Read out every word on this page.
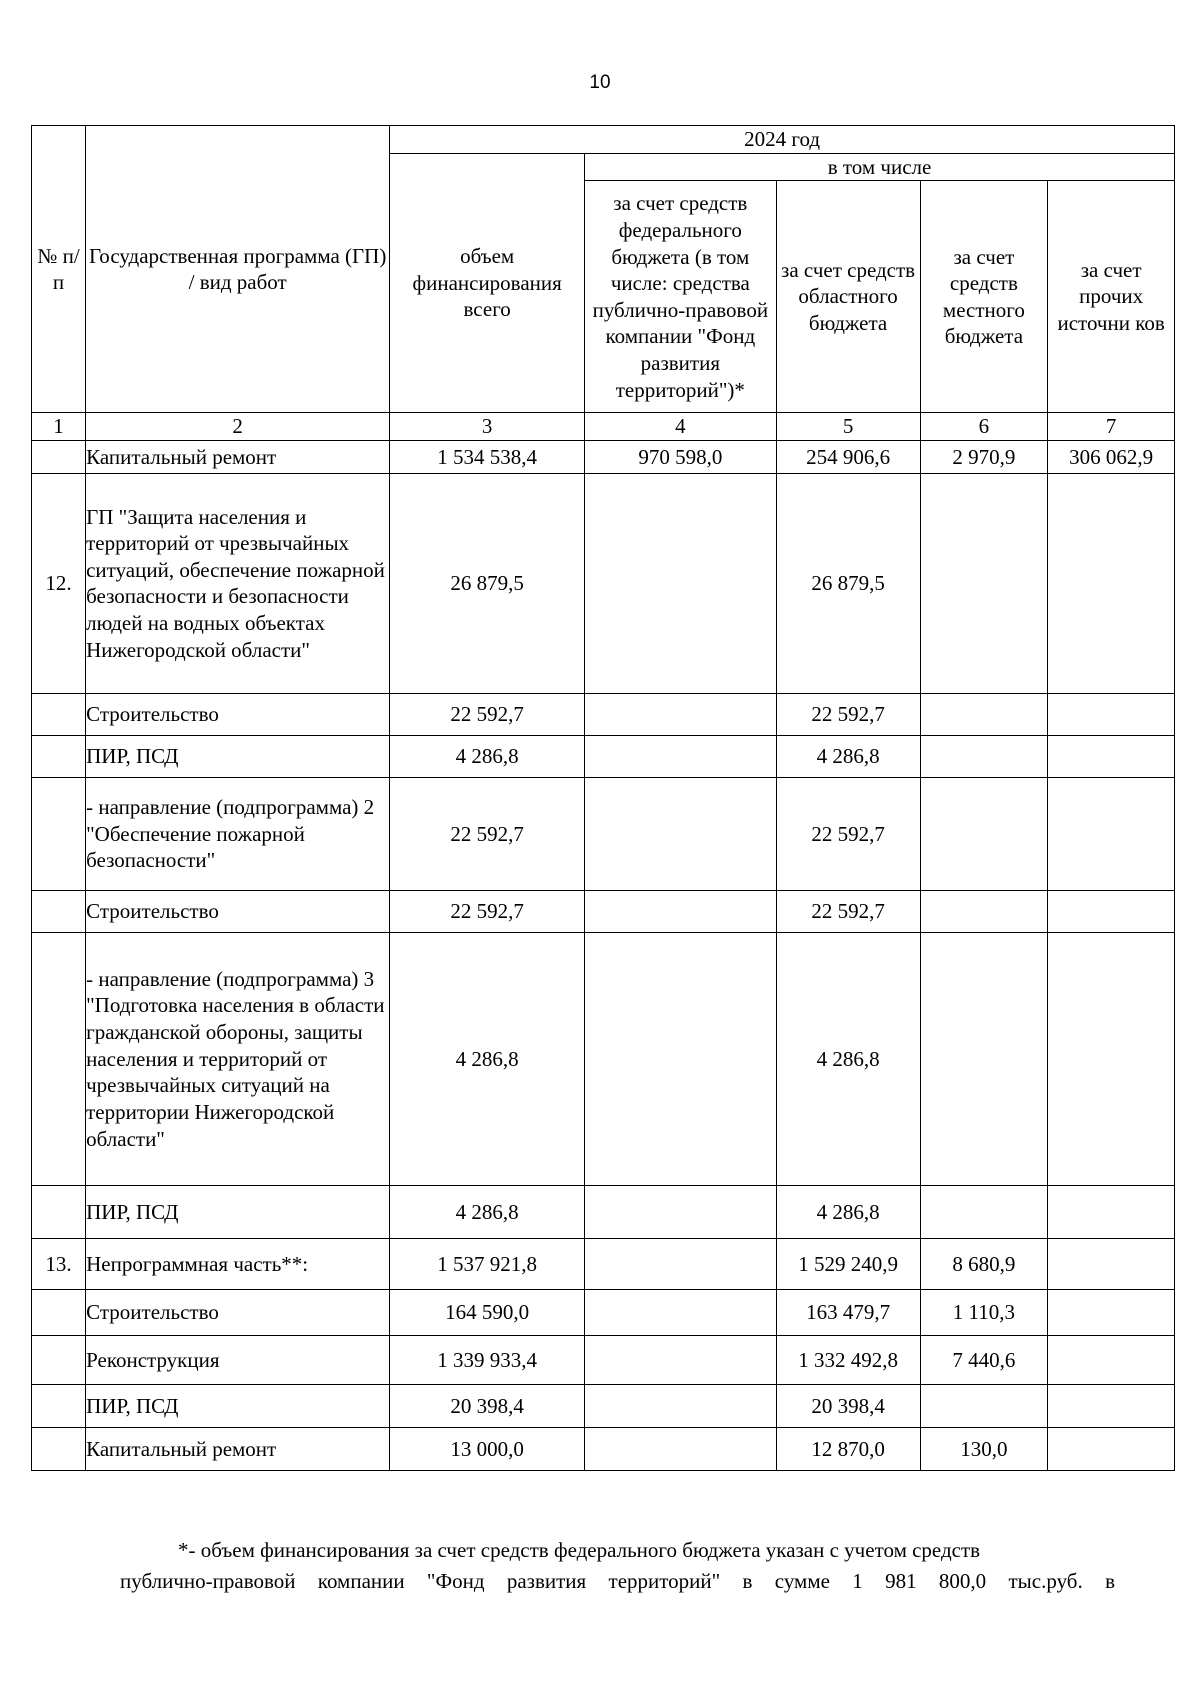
10
№ п/п	Государственная программа (ГП) / вид работ	2024 год				
		объем финансирования всего	в том числе			
			за счет средств федерального бюджета (в том числе: средства публично-правовой компании "Фонд развития территорий")*	за счет средств областного бюджета	за счет средств местного бюджета	за счет прочих источни ков
1	2	3	4	5	6	7
	Капитальный ремонт	1 534 538,4	970 598,0	254 906,6	2 970,9	306 062,9
12.	ГП "Защита населения и территорий от чрезвычайных ситуаций, обеспечение пожарной безопасности и безопасности людей на водных объектах Нижегородской области"	26 879,5		26 879,5		
	Строительство	22 592,7		22 592,7		
	ПИР, ПСД	4 286,8		4 286,8		
	- направление (подпрограмма) 2 "Обеспечение пожарной безопасности"	22 592,7		22 592,7		
	Строительство	22 592,7		22 592,7		
	- направление (подпрограмма) 3 "Подготовка населения в области гражданской обороны, защиты населения и территорий от чрезвычайных ситуаций на территории Нижегородской области"	4 286,8		4 286,8		
	ПИР, ПСД	4 286,8		4 286,8		
13.	Непрограммная часть**:	1 537 921,8		1 529 240,9	8 680,9	
	Строительство	164 590,0		163 479,7	1 110,3	
	Реконструкция	1 339 933,4		1 332 492,8	7 440,6	
	ПИР, ПСД	20 398,4		20 398,4		
	Капитальный ремонт	13 000,0		12 870,0	130,0	

*- объем финансирования за счет средств федерального бюджета указан с учетом средств

публично-правовой компании "Фонд развития территорий" в сумме 1 981 800,0 тыс.руб. в
